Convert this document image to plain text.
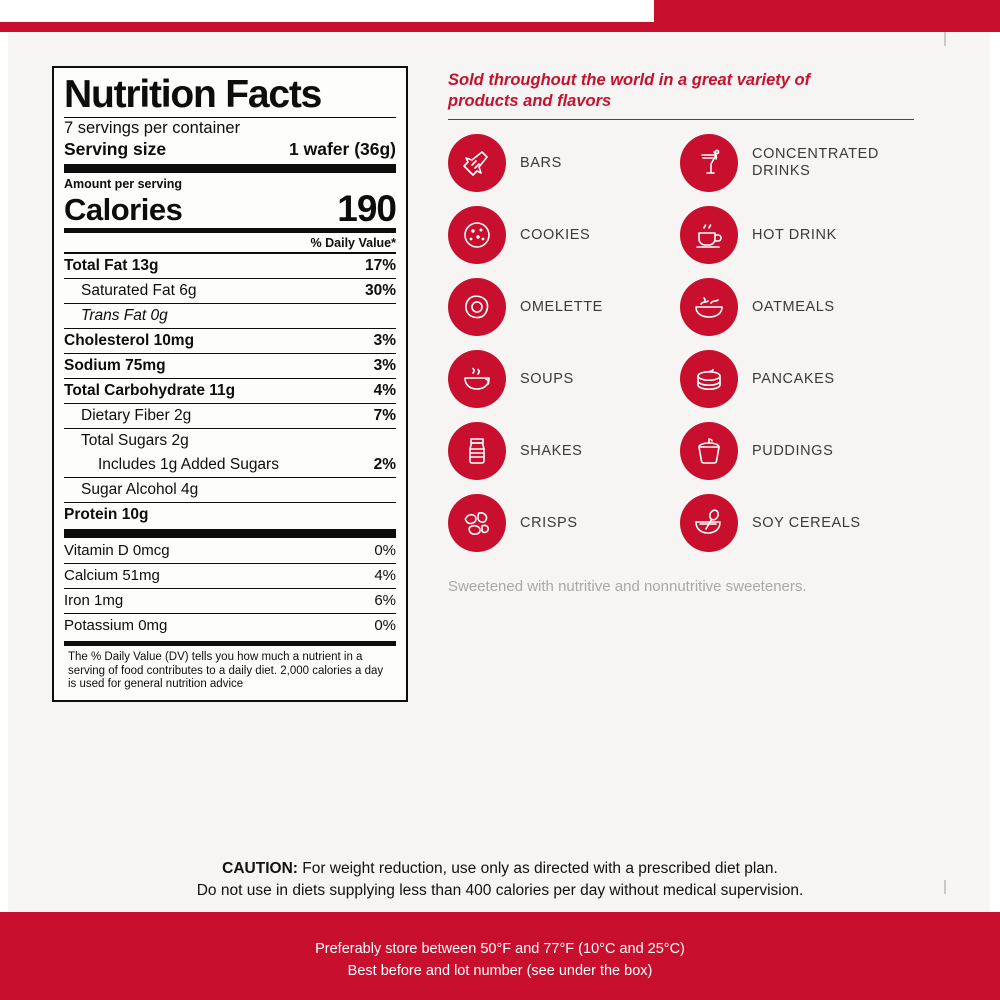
Nutrition Facts
7 servings per container
Serving size	1 wafer (36g)
Amount per serving
Calories	190
% Daily Value*
Total Fat 13g	17%
Saturated Fat 6g	30%
Trans Fat 0g
Cholesterol 10mg	3%
Sodium 75mg	3%
Total Carbohydrate 11g	4%
Dietary Fiber 2g	7%
Total Sugars 2g
Includes 1g Added Sugars	2%
Sugar Alcohol 4g
Protein 10g
Vitamin D 0mcg	0%
Calcium 51mg	4%
Iron 1mg	6%
Potassium 0mg	0%
The % Daily Value (DV) tells you how much a nutrient in a serving of food contributes to a daily diet. 2,000 calories a day is used for general nutrition advice
Sold throughout the world in a great variety of products and flavors
BARS
CONCENTRATED DRINKS
COOKIES	HOT DRINK
OMELETTE	OATMEALS
SOUPS	PANCAKES
SHAKES	PUDDINGS
CRISPS	SOY CEREALS
Sweetened with nutritive and nonnutritive sweeteners.
CAUTION: For weight reduction, use only as directed with a prescribed diet plan.
Do not use in diets supplying less than 400 calories per day without medical supervision.
Preferably store between 50°F and 77°F (10°C and 25°C)
Best before and lot number (see under the box)
